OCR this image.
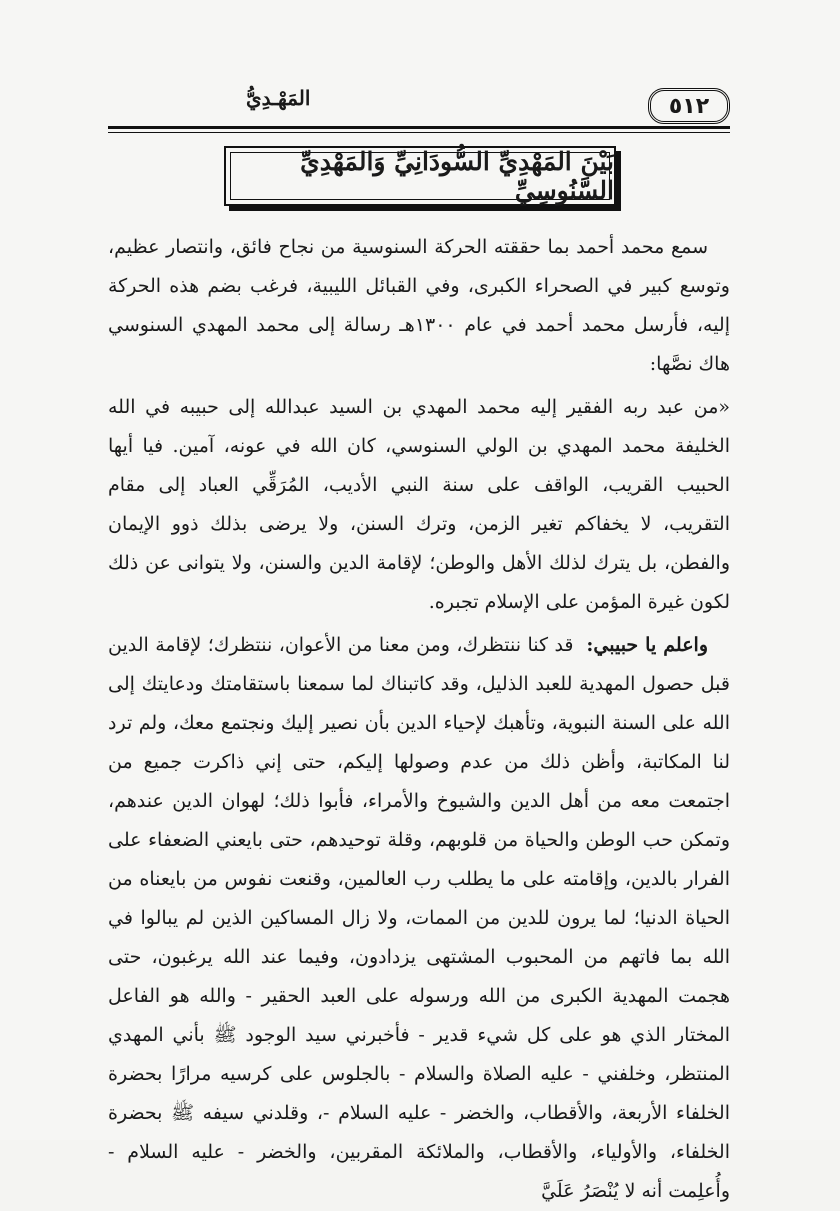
المَهْـدِيُّ	٥١٢
بَيْنَ المَهْدِيِّ السُّودَانِيِّ وَالمَهْدِيِّ السَّنُوسِيِّ

سمع محمد أحمد بما حققته الحركة السنوسية من نجاح فائق، وانتصار عظيم، وتوسع كبير في الصحراء الكبرى، وفي القبائل الليبية، فرغب بضم هذه الحركة إليه، فأرسل محمد أحمد في عام ١٣٠٠هـ رسالة إلى محمد المهدي السنوسي هاك نصَّها:

«من عبد ربه الفقير إليه محمد المهدي بن السيد عبدالله إلى حبيبه في الله الخليفة محمد المهدي بن الولي السنوسي، كان الله في عونه، آمين. فيا أيها الحبيب القريب، الواقف على سنة النبي الأديب، المُرَقِّي العباد إلى مقام التقريب، لا يخفاكم تغير الزمن، وترك السنن، ولا يرضى بذلك ذوو الإيمان والفطن، بل يترك لذلك الأهل والوطن؛ لإقامة الدين والسنن، ولا يتوانى عن ذلك لكون غيرة المؤمن على الإسلام تجبره.

واعلم يا حبيبي:  قد كنا ننتظرك، ومن معنا من الأعوان، ننتظرك؛ لإقامة الدين قبل حصول المهدية للعبد الذليل، وقد كاتبناك لما سمعنا باستقامتك ودعايتك إلى الله على السنة النبوية، وتأهبك لإحياء الدين بأن نصير إليك ونجتمع معك، ولم ترد لنا المكاتبة، وأظن ذلك من عدم وصولها إليكم، حتى إني ذاكرت جميع من اجتمعت معه من أهل الدين والشيوخ والأمراء، فأبوا ذلك؛ لهوان الدين عندهم، وتمكن حب الوطن والحياة من قلوبهم، وقلة توحيدهم، حتى بايعني الضعفاء على الفرار بالدين، وإقامته على ما يطلب رب العالمين، وقنعت نفوس من بايعناه من الحياة الدنيا؛ لما يرون للدين من الممات، ولا زال المساكين الذين لم يبالوا في الله بما فاتهم من المحبوب المشتهى يزدادون، وفيما عند الله يرغبون، حتى هجمت المهدية الكبرى من الله ورسوله على العبد الحقير - والله هو الفاعل المختار الذي هو على كل شيء قدير - فأخبرني سيد الوجود ﷺ بأني المهدي المنتظر، وخلفني - عليه الصلاة والسلام - بالجلوس على كرسيه مرارًا بحضرة الخلفاء الأربعة، والأقطاب، والخضر - عليه السلام -، وقلدني سيفه ﷺ بحضرة الخلفاء، والأولياء، والأقطاب، والملائكة المقربين، والخضر - عليه السلام - وأُعلِمت أنه لا يُنْصَرُ عَلَيَّ
